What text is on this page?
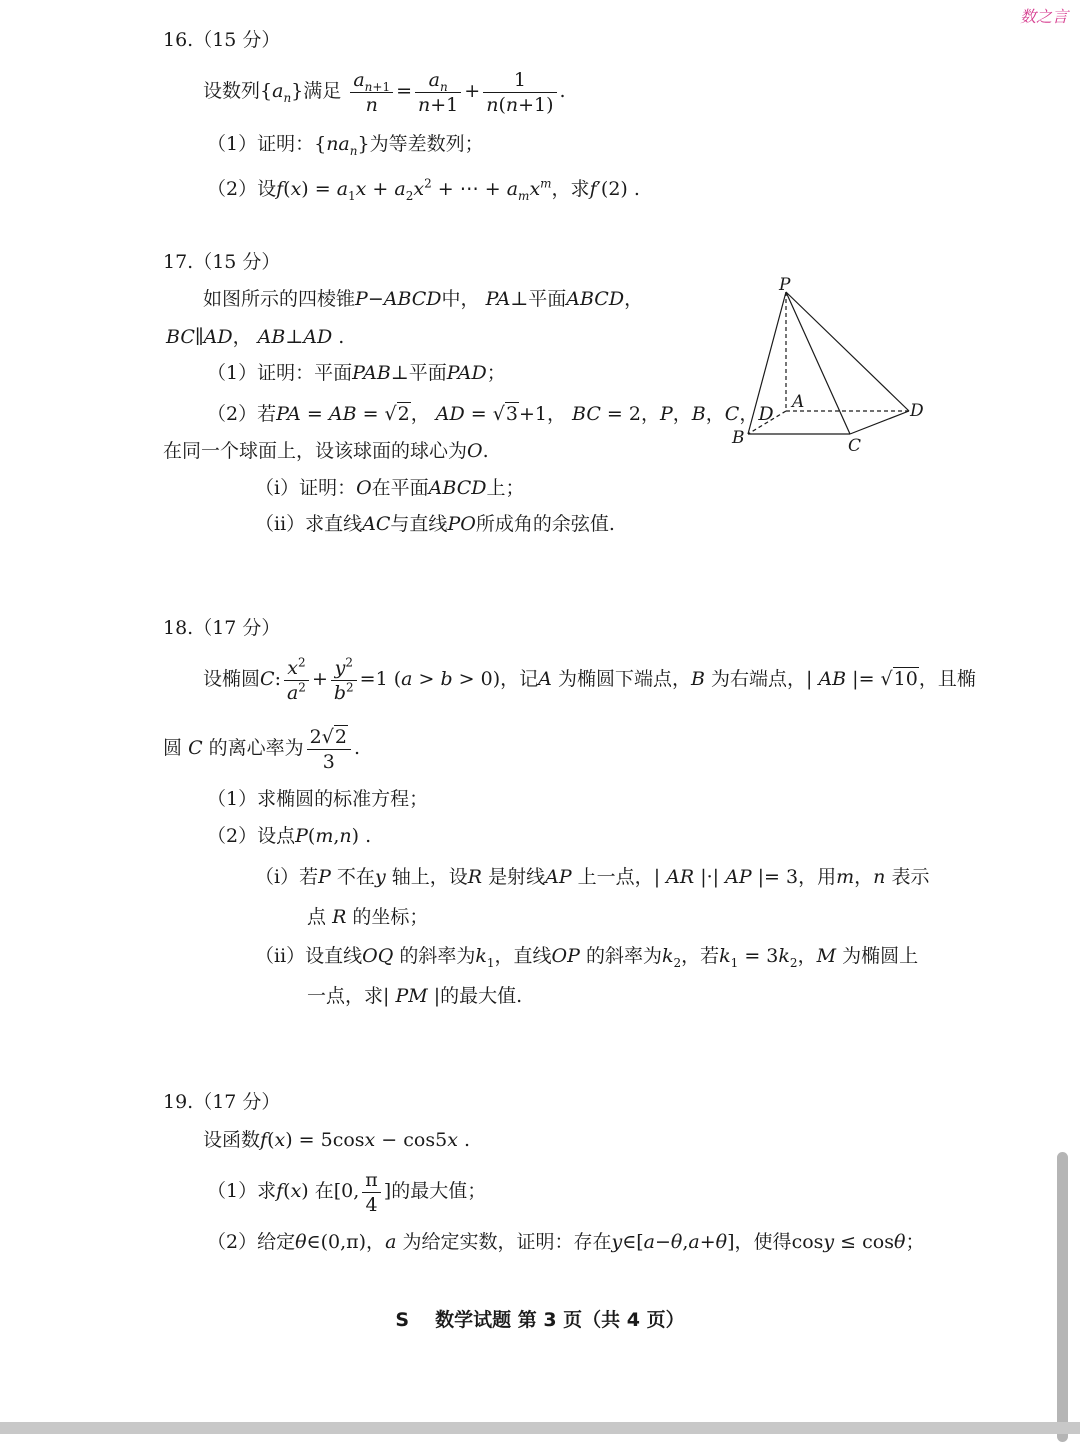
数之言
16.（15 分）
设数列$\{a_n\}$满足 $\frac{a_{n+1}}{n} = \frac{a_n}{n+1} + \frac{1}{n(n+1)}$ .
（1）证明：$\{na_n\}$为等差数列；
（2）设$f(x) = a_1x + a_2x^2$ + ⋯ + $a_mx^m$，求f′(2) .
17.（15 分）
如图所示的四棱锥P−ABCD中， PA⊥平面ABCD，
BC∥AD， AB⊥AD .
（1）证明：平面PAB⊥平面PAD；
（2）若PA = AB = √2， AD = √3+1， BC = 2，P，B，C，D
在同一个球面上，设该球面的球心为O.
（ⅰ）证明：O在平面ABCD上；
（ⅱ）求直线AC与直线PO所成角的余弦值.
P
A
B	C
D
18.（17 分）
设椭圆C: $\frac{x^2}{a^2} + \frac{y^2}{b^2} =1$ (a > b > 0)，记A 为椭圆下端点，B 为右端点，| AB |= √10，且椭
圆 C 的离心率为 $\frac{2√2}{3}$ .
（1）求椭圆的标准方程；
（2）设点P(m,n) .
（ⅰ）若P 不在y 轴上，设R 是射线AP 上一点，| AR |·| AP |= 3，用m，n 表示
点 R 的坐标；
（ⅱ）设直线OQ 的斜率为$k_1$，直线OP 的斜率为$k_2$，若$k_1 = 3k_2$，M 为椭圆上
一点，求| PM |的最大值.
19.（17 分）
设函数f(x) = 5cosx − cos5x .
（1）求f(x) 在[0, $\frac{\pi}{4}$ ]的最大值；
（2）给定θ∈(0,π)，a 为给定实数，证明：存在y∈[a−θ,a+θ]，使得cosy ≤ cosθ；
S 数学试题 第 3 页（共 4 页）
